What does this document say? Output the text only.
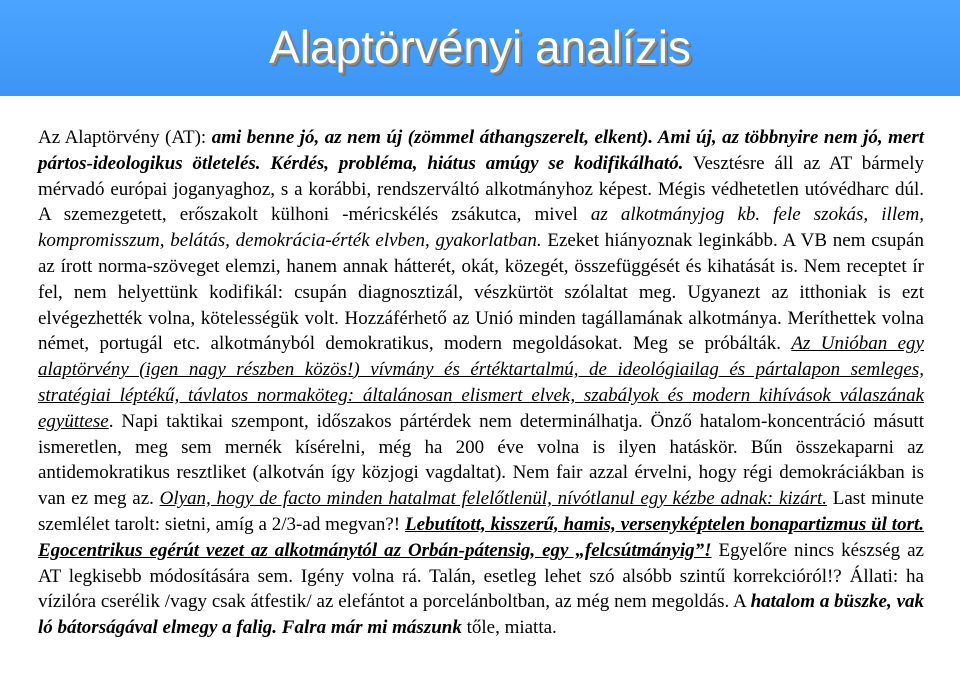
Alaptörvényi analízis

Az Alaptörvény (AT): ami benne jó, az nem új (zömmel áthangszerelt, elkent). Ami új, az többnyire nem jó, mert pártos-ideologikus ötletelés. Kérdés, probléma, hiátus amúgy se kodifikálható. Vesztésre áll az AT bármely mérvadó európai joganyaghoz, s a korábbi, rendszerváltó alkotmányhoz képest. Mégis védhetetlen utóvédharc dúl. A szemezgetett, erőszakolt külhoni -méricskélés zsákutca, mivel az alkotmányjog kb. fele szokás, illem, kompromisszum, belátás, demokrácia-érték elvben, gyakorlatban. Ezeket hiányoznak leginkább. A VB nem csupán az írott norma-szöveget elemzi, hanem annak hátterét, okát, közegét, összefüggését és kihatását is. Nem receptet ír fel, nem helyettünk kodifikál: csupán diagnosztizál, vészkürtöt szólaltat meg. Ugyanezt az itthoniak is ezt elvégezhették volna, kötelességük volt. Hozzáférhető az Unió minden tagállamának alkotmánya. Meríthettek volna német, portugál etc. alkotmányból demokratikus, modern megoldásokat. Meg se próbálták. Az Unióban egy alaptörvény (igen nagy részben közös!) vívmány és értéktartalmú, de ideológiailag és pártalapon semleges, stratégiai léptékű, távlatos normaköteg: általánosan elismert elvek, szabályok és modern kihívások válaszának együttese. Napi taktikai szempont, időszakos pártérdek nem determinálhatja. Önző hatalom-koncentráció másutt ismeretlen, meg sem mernék kísérelni, még ha 200 éve volna is ilyen hatáskör. Bűn összekaparni az antidemokratikus resztliket (alkotván így közjogi vagdaltat). Nem fair azzal érvelni, hogy régi demokráciákban is van ez meg az. Olyan, hogy de facto minden hatalmat felelőtlenül, nívótlanul egy kézbe adnak: kizárt. Last minute szemlélet tarolt: sietni, amíg a 2/3-ad megvan?! Lebutított, kisszerű, hamis, versenyképtelen bonapartizmus ül tort. Egocentrikus egérút vezet az alkotmánytól az Orbán-pátensig, egy „felcsútmányig”! Egyelőre nincs készség az AT legkisebb módosítására sem. Igény volna rá. Talán, esetleg lehet szó alsóbb szintű korrekcióról!? Állati: ha vízilóra cserélik /vagy csak átfestik/ az elefántot a porcelánboltban, az még nem megoldás. A hatalom a büszke, vak ló bátorságával elmegy a falig. Falra már mi mászunk tőle, miatta.
